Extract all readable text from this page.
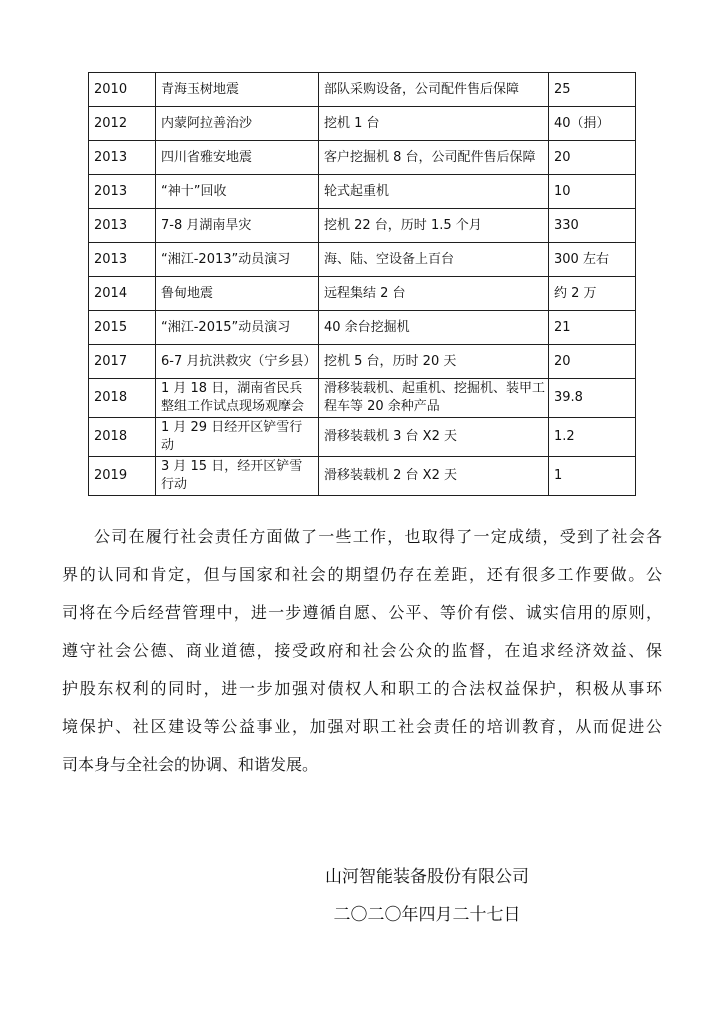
2010	青海玉树地震	部队采购设备，公司配件售后保障	25
2012	内蒙阿拉善治沙	挖机 1 台	40（捐）
2013	四川省雅安地震	客户挖掘机 8 台，公司配件售后保障	20
2013	“神十”回收	轮式起重机	10
2013	7-8 月湖南旱灾	挖机 22 台，历时 1.5 个月	330
2013	“湘江-2013”动员演习	海、陆、空设备上百台	300 左右
2014	鲁甸地震	远程集结 2 台	约 2 万
2015	“湘江-2015”动员演习	40 余台挖掘机	21
2017	6-7 月抗洪救灾（宁乡县）	挖机 5 台，历时 20 天	20
2018	1 月 18 日，湖南省民兵整组工作试点现场观摩会	滑移装载机、起重机、挖掘机、装甲工程车等 20 余种产品	39.8
2018	1 月 29 日经开区铲雪行动	滑移装载机 3 台 X2 天	1.2
2019	3 月 15 日，经开区铲雪行动	滑移装载机 2 台 X2 天	1
公司在履行社会责任方面做了一些工作，也取得了一定成绩，受到了社会各
界的认同和肯定，但与国家和社会的期望仍存在差距，还有很多工作要做。公
司将在今后经营管理中，进一步遵循自愿、公平、等价有偿、诚实信用的原则，
遵守社会公德、商业道德，接受政府和社会公众的监督，在追求经济效益、保
护股东权利的同时，进一步加强对债权人和职工的合法权益保护，积极从事环
境保护、社区建设等公益事业，加强对职工社会责任的培训教育，从而促进公
司本身与全社会的协调、和谐发展。
山河智能装备股份有限公司
二〇二〇年四月二十七日
